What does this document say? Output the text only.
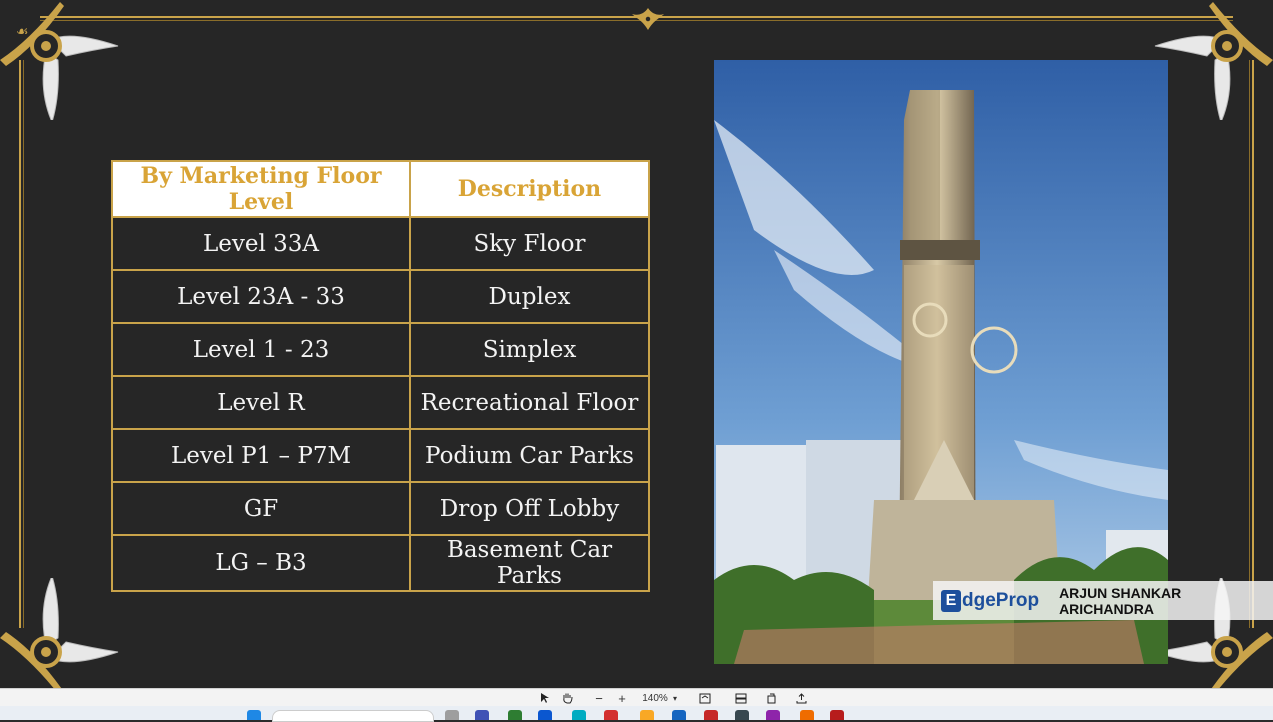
☙
By Marketing Floor Level	Description
Level 33A	Sky Floor
Level 23A - 33	Duplex
Level 1 - 23	Simplex
Level R	Recreational Floor
Level P1 – P7M	Podium Car Parks
GF	Drop Off Lobby
LG – B3	Basement Car Parks
E dgeProp ARJUN SHANKAR ARICHANDRA
− +	140% ▾
